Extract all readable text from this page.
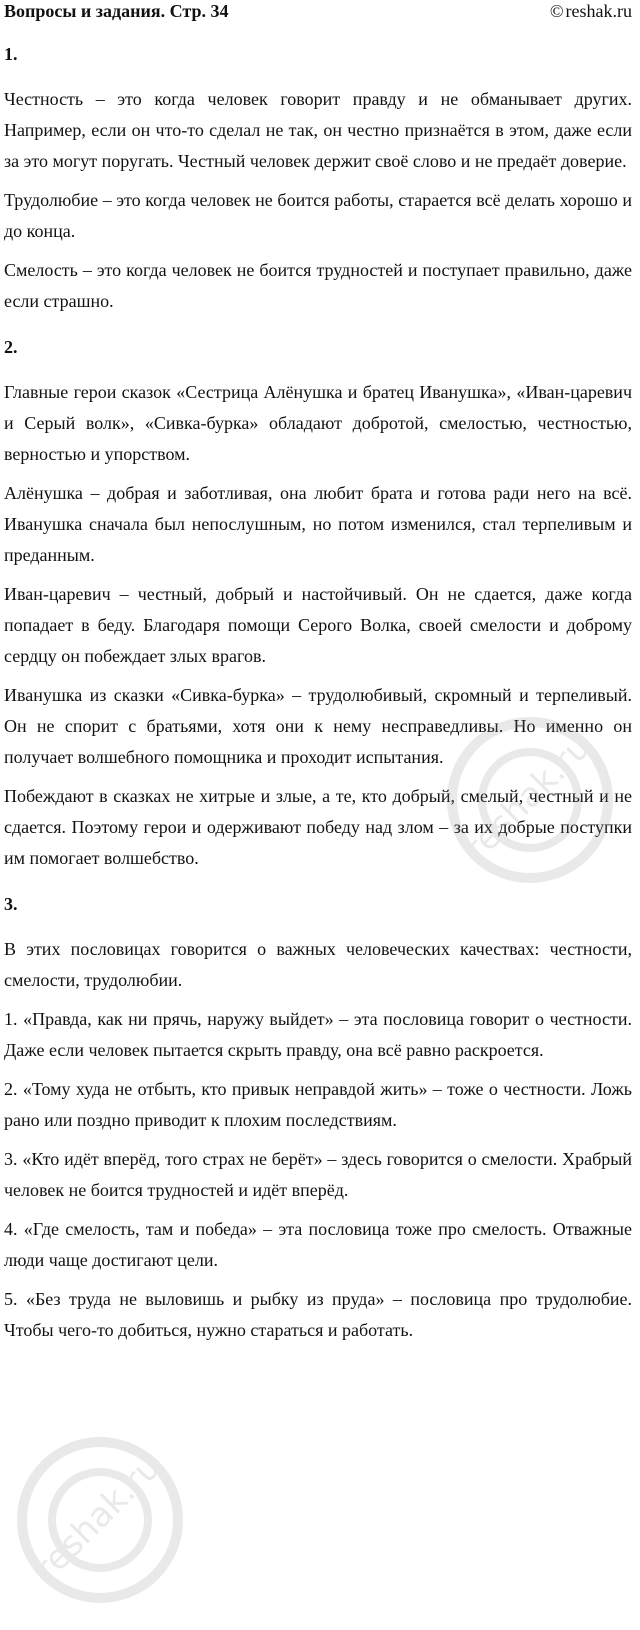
Вопросы и задания. Стр. 34	© reshak.ru
1.

Честность – это когда человек говорит правду и не обманывает других. Например, если он что-то сделал не так, он честно признаётся в этом, даже если за это могут поругать. Честный человек держит своё слово и не предаёт доверие.

Трудолюбие – это когда человек не боится работы, старается всё делать хорошо и до конца.

Смелость – это когда человек не боится трудностей и поступает правильно, даже если страшно.

2.

Главные герои сказок «Сестрица Алёнушка и братец Иванушка», «Иван-царевич и Серый волк», «Сивка-бурка» обладают добротой, смелостью, честностью, верностью и упорством.

Алёнушка – добрая и заботливая, она любит брата и готова ради него на всё. Иванушка сначала был непослушным, но потом изменился, стал терпеливым и преданным.

Иван-царевич – честный, добрый и настойчивый. Он не сдается, даже когда попадает в беду. Благодаря помощи Серого Волка, своей смелости и доброму сердцу он побеждает злых врагов.

Иванушка из сказки «Сивка-бурка» – трудолюбивый, скромный и терпеливый. Он не спорит с братьями, хотя они к нему несправедливы. Но именно он получает волшебного помощника и проходит испытания.

Побеждают в сказках не хитрые и злые, а те, кто добрый, смелый, честный и не сдается. Поэтому герои и одерживают победу над злом – за их добрые поступки им помогает волшебство.

3.

В этих пословицах говорится о важных человеческих качествах: честности, смелости, трудолюбии.

1. «Правда, как ни прячь, наружу выйдет» – эта пословица говорит о честности. Даже если человек пытается скрыть правду, она всё равно раскроется.

2. «Тому худа не отбыть, кто привык неправдой жить» – тоже о честности. Ложь рано или поздно приводит к плохим последствиям.

3. «Кто идёт вперёд, того страх не берёт» – здесь говорится о смелости. Храбрый человек не боится трудностей и идёт вперёд.

4. «Где смелость, там и победа» – эта пословица тоже про смелость. Отважные люди чаще достигают цели.

5. «Без труда не выловишь и рыбку из пруда» – пословица про трудолюбие. Чтобы чего-то добиться, нужно стараться и работать.

reshak.ru
reshak.ru
